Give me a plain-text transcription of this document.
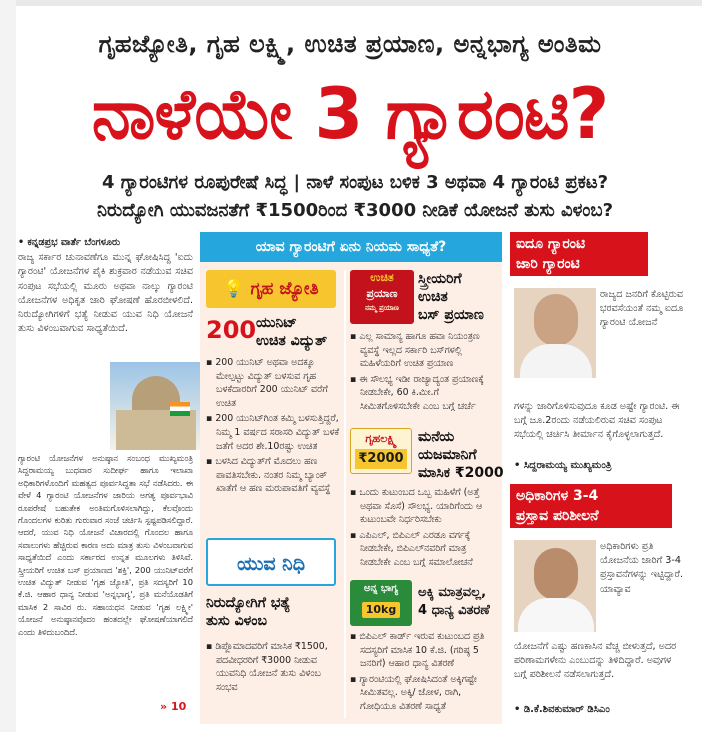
ಗೃಹಜ್ಯೋತಿ, ಗೃಹ ಲಕ್ಷ್ಮಿ, ಉಚಿತ ಪ್ರಯಾಣ, ಅನ್ನಭಾಗ್ಯ ಅಂತಿಮ
ನಾಳೆಯೇ 3 ಗ್ಯಾರಂಟಿ?
4 ಗ್ಯಾರಂಟಿಗಳ ರೂಪುರೇಷೆ ಸಿದ್ಧ | ನಾಳೆ ಸಂಪುಟ ಬಳಿಕ 3 ಅಥವಾ 4 ಗ್ಯಾರಂಟಿ ಪ್ರಕಟ?
ನಿರುದ್ಯೋಗಿ ಯುವಜನತೆಗೆ ₹1500ರಿಂದ ₹3000 ನೀಡಿಕೆ ಯೋಜನೆ ತುಸು ವಿಳಂಬ?

• ಕನ್ನಡಪ್ರಭ ವಾರ್ತೆ ಬೆಂಗಳೂರು

ರಾಜ್ಯ ಸರ್ಕಾರ ಚುನಾವಣೆಗೂ ಮುನ್ನ ಘೋಷಿಸಿದ್ದ 'ಐದು ಗ್ಯಾರಂಟಿ' ಯೋಜನೆಗಳ ಪೈಕಿ ಶುಕ್ರವಾರ ನಡೆಯುವ ಸಚಿವ ಸಂಪುಟ ಸಭೆಯಲ್ಲಿ ಮೂರು ಅಥವಾ ನಾಲ್ಕು ಗ್ಯಾರಂಟಿ ಯೋಜನೆಗಳ ಅಧಿಕೃತ ಜಾರಿ ಘೋಷಣೆ ಹೊರಬೀಳಲಿದೆ. ನಿರುದ್ಯೋಗಿಗಳಿಗೆ ಭತ್ಯೆ ನೀಡುವ ಯುವ ನಿಧಿ ಯೋಜನೆ ತುಸು ವಿಳಂಬವಾಗುವ ಸಾಧ್ಯತೆಯಿದೆ.

ಗ್ಯಾರಂಟಿ ಯೋಜನೆಗಳ ಅನುಷ್ಠಾನ ಸಂಬಂಧ ಮುಖ್ಯಮಂತ್ರಿ ಸಿದ್ದರಾಮಯ್ಯ ಬುಧವಾರ ಸುದೀರ್ಘ ಹಾಗೂ ಇಲಾಖಾ ಅಧಿಕಾರಿಗಳೊಂದಿಗೆ ಮಹತ್ವದ ಪೂರ್ವಸಿದ್ಧತಾ ಸಭೆ ನಡೆಸಿದರು. ಈ ವೇಳೆ 4 ಗ್ಯಾರಂಟಿ ಯೋಜನೆಗಳ ಜಾರಿಯ ಅಗತ್ಯ ಪೂರ್ವಭಾವಿ ರೂಪರೇಷೆ ಬಹುತೇಕ ಅಂತಿಮಗೊಳಿಸಲಾಗಿದ್ದು, ಕೆಲವೊಂದು ಗೊಂದಲಗಳ ಕುರಿತು ಗುರುವಾರ ಸಂಜೆ ಚರ್ಚಿಸಿ ಸ್ಪಷ್ಟಪಡಿಸಲಿದ್ದಾರೆ. ಆದರೆ, ಯುವ ನಿಧಿ ಯೋಜನೆ ವಿಚಾರದಲ್ಲಿ ಗೊಂದಲ ಹಾಗೂ ಸವಾಲುಗಳು ಹೆಚ್ಚಿರುವ ಕಾರಣ ಅದು ಮಾತ್ರ ತುಸು ವಿಳಂಬವಾಗುವ ಸಾಧ್ಯತೆಯಿದೆ ಎಂದು ಸರ್ಕಾರದ ಉನ್ನತ ಮೂಲಗಳು ತಿಳಿಸಿವೆ. ಸ್ತ್ರೀಯರಿಗೆ ಉಚಿತ ಬಸ್ ಪ್ರಯಾಣದ 'ಶಕ್ತಿ', 200 ಯುನಿಟ್‌ವರೆಗೆ ಉಚಿತ ವಿದ್ಯುತ್ ನೀಡುವ 'ಗೃಹ ಜ್ಯೋತಿ', ಪ್ರತಿ ಸದಸ್ಯರಿಗೆ 10 ಕೆ.ಜಿ. ಆಹಾರ ಧಾನ್ಯ ನೀಡುವ 'ಅನ್ನಭಾಗ್ಯ', ಪ್ರತಿ ಮನೆಯೊಡತಿಗೆ ಮಾಸಿಕ 2 ಸಾವಿರ ರು. ಸಹಾಯಧನ ನೀಡುವ 'ಗೃಹ ಲಕ್ಷ್ಮೀ' ಯೋಜನೆ ಅನುಷ್ಠಾನವೊದಂ ಹಂತದಲ್ಲೇ ಘೋಷಣೆಯಾಗಲಿದೆ ಎಂದು ತಿಳಿದುಬಂದಿದೆ.

» 10
ಯಾವ ಗ್ಯಾರಂಟಿಗೆ ಏನು ನಿಯಮ ಸಾಧ್ಯತೆ?
💡 ಗೃಹ ಜ್ಯೋತಿ
200 ಯುನಿಟ್
ಉಚಿತ ವಿದ್ಯುತ್

▪ 200 ಯುನಿಟ್ ಅಥವಾ ಅದಕ್ಕೂ ಮೇಲ್ಪಟ್ಟು ವಿದ್ಯುತ್ ಬಳಸುವ ಗೃಹ ಬಳಕೆದಾರರಿಗೆ 200 ಯುನಿಟ್ ವರೆಗೆ ಉಚಿತ

▪ 200 ಯುನಿಟ್‌ಗಿಂತ ಕಮ್ಮಿ ಬಳಸುತ್ತಿದ್ದರೆ, ನಿಮ್ಮ 1 ವರ್ಷದ ಸರಾಸರಿ ವಿದ್ಯುತ್ ಬಳಕೆ ಜತೆಗೆ ಅದರ ಶೇ.10ರಷ್ಟು ಉಚಿತ

▪ ಬಳಸಿದ ವಿದ್ಯುತ್‌ಗೆ ಮೊದಲು ಹಣ ಪಾವತಿಸಬೇಕು. ನಂತರ ನಿಮ್ಮ ಬ್ಯಾಂಕ್ ಖಾತೆಗೆ ಆ ಹಣ ಮರುಪಾವತಿಗೆ ವ್ಯವಸ್ಥೆ

ಯುವ ನಿಧಿ
ನಿರುದ್ಯೋಗಿಗೆ ಭತ್ಯೆ
ತುಸು ವಿಳಂಬ

▪ ಡಿಪ್ಲೊಮಾದವರಿಗೆ ಮಾಸಿಕ ₹1500, ಪದವೀಧರರಿಗೆ ₹3000 ನೀಡುವ ಯುವನಿಧಿ ಯೋಜನೆ ತುಸು ವಿಳಂಬ ಸಂಭವ

ಉಚಿತ
ಪ್ರಯಾಣ
ನಮ್ಮ ಪ್ರಯಾಣ
ಸ್ತ್ರೀಯರಿಗೆ
ಉಚಿತ
ಬಸ್ ಪ್ರಯಾಣ

▪ ಎಲ್ಲ ಸಾಮಾನ್ಯ ಹಾಗೂ ಹವಾ ನಿಯಂತ್ರಣ ವ್ಯವಸ್ಥೆ ಇಲ್ಲದ ಸರ್ಕಾರಿ ಬಸ್‌ಗಳಲ್ಲಿ ಮಹಿಳೆಯರಿಗೆ ಉಚಿತ ಪ್ರಯಾಣ

▪ ಈ ಸೌಲಭ್ಯ ಇಡೀ ರಾಜ್ಯಾದ್ಯಂತ ಪ್ರಯಾಣಕ್ಕೆ ನೀಡಬೇಕೇ, 60 ಕಿ.ಮೀ.ಗೆ ಸೀಮಿತಗೊಳಿಸಬೇಕೇ ಎಂಬ ಬಗ್ಗೆ ಚರ್ಚೆ

ಗೃಹಲಕ್ಷ್ಮಿ
₹2000
ಮನೆಯ
ಯಜಮಾನಿಗೆ
ಮಾಸಿಕ ₹2000

▪ ಒಂದು ಕುಟುಂಬದ ಒಬ್ಬ ಮಹಿಳೆಗೆ (ಅತ್ತೆ ಅಥವಾ ಸೊಸೆ) ಸೌಲಭ್ಯ. ಯಾರಿಗೆಂದು ಆ ಕುಟುಂಬವೇ ನಿರ್ಧರಿಸಬೇಕು

▪ ಎಪಿಎಲ್, ಬಿಪಿಎಲ್ ಎರಡೂ ವರ್ಗಕ್ಕೆ ನೀಡಬೇಕೇ, ಬಿಪಿಎಲ್‌ನವರಿಗೆ ಮಾತ್ರ ನೀಡಬೇಕೇ ಎಂಬ ಬಗ್ಗೆ ಸಮಾಲೋಚನೆ

ಅನ್ನ ಭಾಗ್ಯ
10kg
ಅಕ್ಕಿ ಮಾತ್ರವಲ್ಲ,
4 ಧಾನ್ಯ ವಿತರಣೆ

▪ ಬಿಪಿಎಲ್ ಕಾರ್ಡ್ ಇರುವ ಕುಟುಂಬದ ಪ್ರತಿ ಸದಸ್ಯರಿಗೆ ಮಾಸಿಕ 10 ಕೆ.ಜಿ. (ಗರಿಷ್ಠ 5 ಜನರಿಗೆ) ಆಹಾರ ಧಾನ್ಯ ವಿತರಣೆ

▪ ಗ್ಯಾರಂಟಿಯಲ್ಲಿ ಘೋಷಿಸಿದಂತೆ ಅಕ್ಕಿಗಷ್ಟೇ ಸೀಮಿತವಲ್ಲ. ಅಕ್ಕಿ/ ಜೋಳ, ರಾಗಿ, ಗೋಧಿಯೂ ವಿತರಣೆ ಸಾಧ್ಯತೆ

ಐದೂ ಗ್ಯಾರಂಟಿ
ಜಾರಿ ಗ್ಯಾರಂಟಿ
ರಾಜ್ಯದ ಜನರಿಗೆ ಕೊಟ್ಟಿರುವ ಭರವಸೆಯಂತೆ ನಮ್ಮ ಐದೂ ಗ್ಯಾರಂಟಿ ಯೋಜನೆ
ಗಳನ್ನು ಜಾರಿಗೊಳಿಸುವುದೂ ಕೂಡ ಅಷ್ಟೇ ಗ್ಯಾರಂಟಿ. ಈ ಬಗ್ಗೆ ಜೂ.2ರಂದು ನಡೆಯಲಿರುವ ಸಚಿವ ಸಂಪುಟ ಸಭೆಯಲ್ಲಿ ಚರ್ಚಿಸಿ ತೀರ್ಮಾನ ಕೈಗೊಳ್ಳಲಾಗುತ್ತದೆ.
• ಸಿದ್ದರಾಮಯ್ಯ ಮುಖ್ಯಮಂತ್ರಿ
ಅಧಿಕಾರಿಗಳ 3-4
ಪ್ರಸ್ತಾವ ಪರಿಶೀಲನೆ
ಅಧಿಕಾರಿಗಳು ಪ್ರತಿ ಯೋಜನೆಯ ಜಾರಿಗೆ 3-4 ಪ್ರಸ್ತಾವನೆಗಳನ್ನು ಇಟ್ಟಿದ್ದಾರೆ. ಯಾವ್ಯಾವ
ಯೋಜನೆಗೆ ಎಷ್ಟು ಹಣಕಾಸಿನ ವೆಚ್ಚ ಬೀಳುತ್ತದೆ, ಅದರ ಪರಿಣಾಮಗಳೇನು ಎಂಬುದನ್ನು ತಿಳಿದಿದ್ದಾರೆ. ಅವುಗಳ ಬಗ್ಗೆ ಪರಿಶೀಲನೆ ನಡೆಸಲಾಗುತ್ತದೆ.
• ಡಿ.ಕೆ.ಶಿವಕುಮಾರ್ ಡಿಸಿಎಂ
